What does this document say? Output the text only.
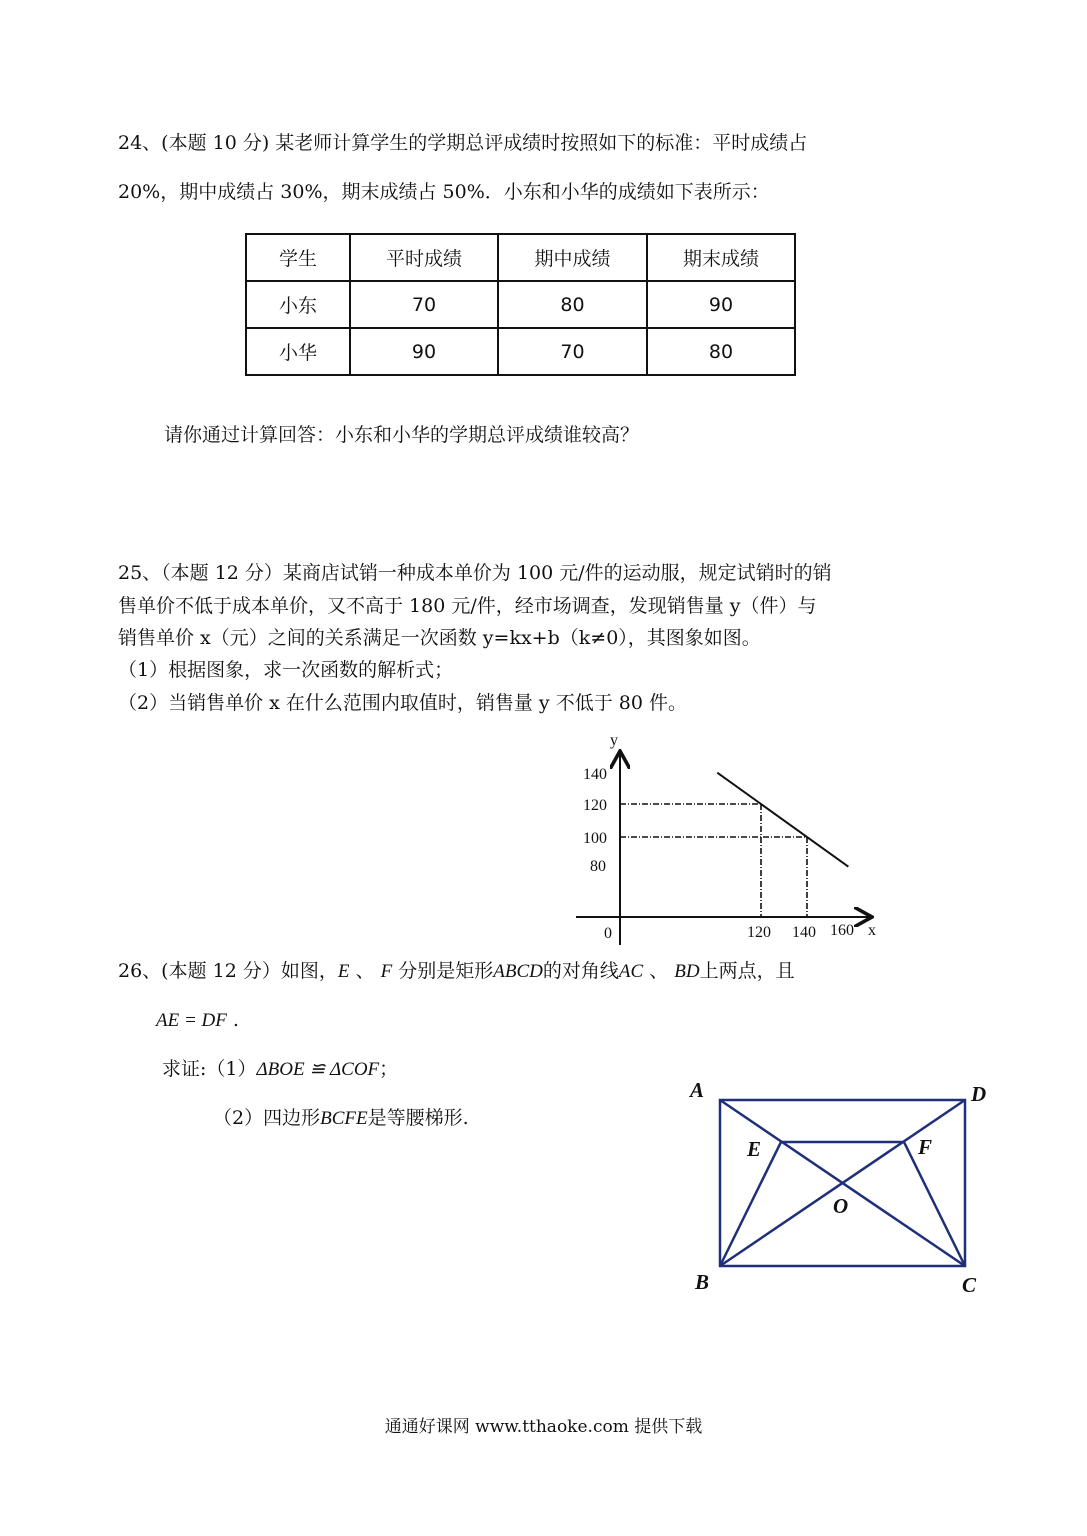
24、(本题 10 分) 某老师计算学生的学期总评成绩时按照如下的标准：平时成绩占
20%，期中成绩占 30%，期末成绩占 50%．小东和小华的成绩如下表所示：
学生	平时成绩	期中成绩	期末成绩
小东	70	80	90
小华	90	70	80
请你通过计算回答：小东和小华的学期总评成绩谁较高？
25、（本题 12 分）某商店试销一种成本单价为 100 元/件的运动服，规定试销时的销
售单价不低于成本单价，又不高于 180 元/件，经市场调查，发现销售量 y（件）与
销售单价 x（元）之间的关系满足一次函数 y=kx+b（k≠0），其图象如图。
（1）根据图象，求一次函数的解析式；
（2）当销售单价 x 在什么范围内取值时，销售量 y 不低于 80 件。
y
x
0
140
120
100
80
120 140 160
26、(本题 12 分）如图，E 、 F 分别是矩形ABCD的对角线AC 、 BD上两点，且
AE = DF .
求证:（1）ΔBOE ≌ ΔCOF；
（2）四边形BCFE是等腰梯形.
A	D
B	C
E	F
O
通通好课网 www.tthaoke.com 提供下载
